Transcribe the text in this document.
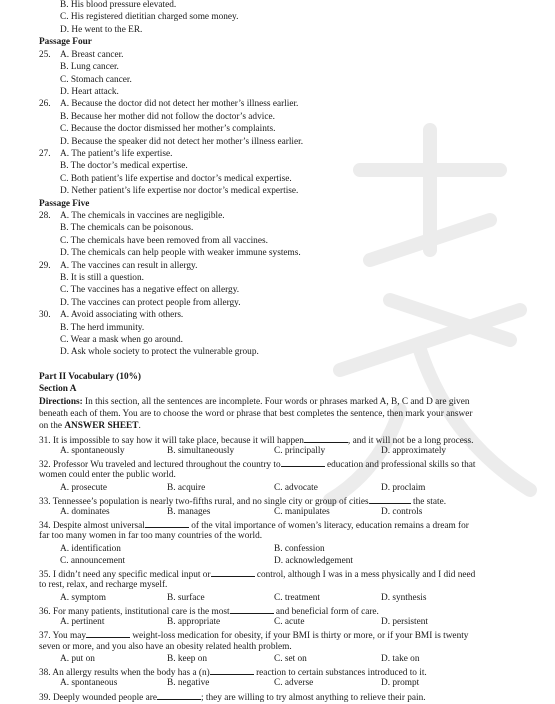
B. His blood pressure elevated.
C. His registered dietitian charged some money.
D. He went to the ER.
Passage Four
25.	A. Breast cancer.
B. Lung cancer.
C. Stomach cancer.
D. Heart attack.
26.	A. Because the doctor did not detect her mother’s illness earlier.
B. Because her mother did not follow the doctor’s advice.
C. Because the doctor dismissed her mother’s complaints.
D. Because the speaker did not detect her mother’s illness earlier.
27.	A. The patient’s life expertise.
B. The doctor’s medical expertise.
C. Both patient’s life expertise and doctor’s medical expertise.
D. Nether patient’s life expertise nor doctor’s medical expertise.
Passage Five
28.	A. The chemicals in vaccines are negligible.
B. The chemicals can be poisonous.
C. The chemicals have been removed from all vaccines.
D. The chemicals can help people with weaker immune systems.
29.	A. The vaccines can result in allergy.
B. It is still a question.
C. The vaccines has a negative effect on allergy.
D. The vaccines can protect people from allergy.
30.	A. Avoid associating with others.
B. The herd immunity.
C. Wear a mask when go around.
D. Ask whole society to protect the vulnerable group.
Part II Vocabulary (10%)
Section A
Directions: In this section, all the sentences are incomplete. Four words or phrases marked A, B, C and D are given
beneath each of them. You are to choose the word or phrase that best completes the sentence, then mark your answer
on the ANSWER SHEET.
31. It is impossible to say how it will take place, because it will happen	, and it will not be a long process.
A. spontaneously	B. simultaneously	C. principally	D. approximately
32. Professor Wu traveled and lectured throughout the country to	education and professional skills so that
women could enter the public world.
A. prosecute	B. acquire	C. advocate	D. proclaim
33. Tennessee’s population is nearly two-fifths rural, and no single city or group of cities	the state.
A. dominates	B. manages	C. manipulates	D. controls
34. Despite almost universal	of the vital importance of women’s literacy, education remains a dream for
far too many women in far too many countries of the world.
A. identification	B. confession
C. announcement	D. acknowledgement
35. I didn’t need any specific medical input or	control, although I was in a mess physically and I did need
to rest, relax, and recharge myself.
A. symptom	B. surface	C. treatment	D. synthesis
36. For many patients, institutional care is the most	and beneficial form of care.
A. pertinent	B. appropriate	C. acute	D. persistent
37. You may	weight-loss medication for obesity, if your BMI is thirty or more, or if your BMI is twenty
seven or more, and you also have an obesity related health problem.
A. put on	B. keep on	C. set on	D. take on
38. An allergy results when the body has a (n)	reaction to certain substances introduced to it.
A. spontaneous	B. negative	C. adverse	D. prompt
39. Deeply wounded people are	; they are willing to try almost anything to relieve their pain.
